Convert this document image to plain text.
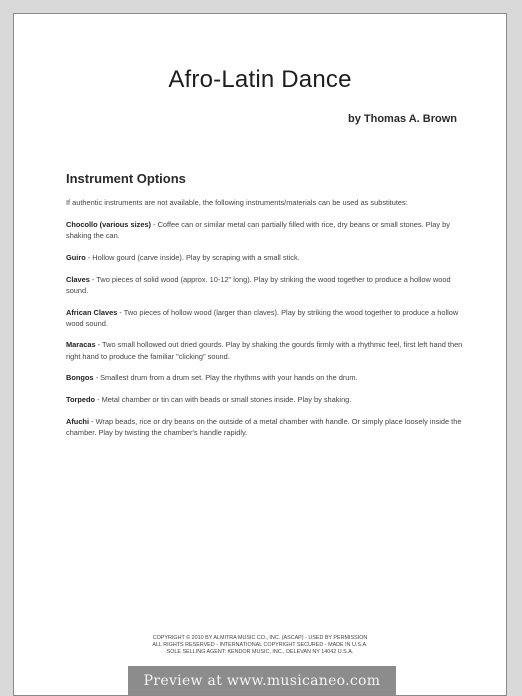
Afro-Latin Dance
by Thomas A. Brown
Instrument Options

If authentic instruments are not available, the following instruments/materials can be used as substitutes:

Chocollo (various sizes) - Coffee can or similar metal can partially filled with rice, dry beans or small stones. Play by shaking the can.
Guiro - Hollow gourd (carve inside). Play by scraping with a small stick.
Claves - Two pieces of solid wood (approx. 10-12" long). Play by striking the wood together to produce a hollow wood sound.
African Claves - Two pieces of hollow wood (larger than claves). Play by striking the wood together to produce a hollow wood sound.
Maracas - Two small hollowed out dried gourds. Play by shaking the gourds firmly with a rhythmic feel, first left hand then right hand to produce the familiar "clicking" sound.
Bongos - Smallest drum from a drum set. Play the rhythms with your hands on the drum.
Torpedo - Metal chamber or tin can with beads or small stones inside. Play by shaking.
Afuchi - Wrap beads, rice or dry beans on the outside of a metal chamber with handle. Or simply place loosely inside the chamber. Play by twisting the chamber's handle rapidly.
COPYRIGHT © 2010 BY ALMITRA MUSIC CO., INC. (ASCAP) - USED BY PERMISSION
ALL RIGHTS RESERVED - INTERNATIONAL COPYRIGHT SECURED - MADE IN U.S.A.
SOLE SELLING AGENT: KENDOR MUSIC, INC., DELEVAN NY 14042 U.S.A.
Preview at www.musicaneo.com
